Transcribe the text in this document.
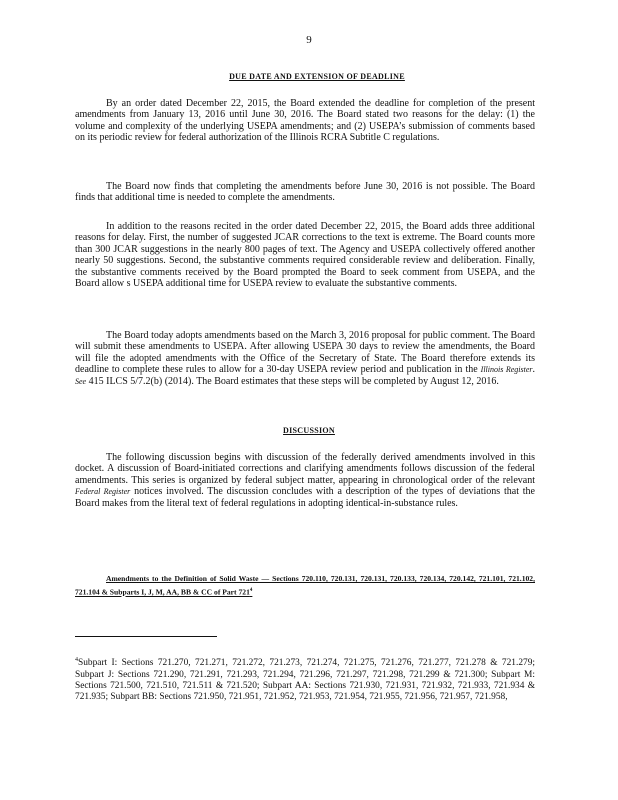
9
DUE DATE AND EXTENSION OF DEADLINE

By an order dated December 22, 2015, the Board extended the deadline for completion of the present amendments from January 13, 2016 until June 30, 2016. The Board stated two reasons for the delay: (1) the volume and complexity of the underlying USEPA amendments; and (2) USEPA’s submission of comments based on its periodic review for federal authorization of the Illinois RCRA Subtitle C regulations.

The Board now finds that completing the amendments before June 30, 2016 is not possible. The Board finds that additional time is needed to complete the amendments.

In addition to the reasons recited in the order dated December 22, 2015, the Board adds three additional reasons for delay. First, the number of suggested JCAR corrections to the text is extreme. The Board counts more than 300 JCAR suggestions in the nearly 800 pages of text. The Agency and USEPA collectively offered another nearly 50 suggestions. Second, the substantive comments required considerable review and deliberation. Finally, the substantive comments received by the Board prompted the Board to seek comment from USEPA, and the Board allow s USEPA additional time for USEPA review to evaluate the substantive comments.

The Board today adopts amendments based on the March 3, 2016 proposal for public comment. The Board will submit these amendments to USEPA. After allowing USEPA 30 days to review the amendments, the Board will file the adopted amendments with the Office of the Secretary of State. The Board therefore extends its deadline to complete these rules to allow for a 30-day USEPA review period and publication in the Illinois Register. See 415 ILCS 5/7.2(b) (2014). The Board estimates that these steps will be completed by August 12, 2016.

DISCUSSION

The following discussion begins with discussion of the federally derived amendments involved in this docket. A discussion of Board-initiated corrections and clarifying amendments follows discussion of the federal amendments. This series is organized by federal subject matter, appearing in chronological order of the relevant Federal Register notices involved. The discussion concludes with a description of the types of deviations that the Board makes from the literal text of federal regulations in adopting identical-in-substance rules.

Amendments to the Definition of Solid Waste — Sections 720.110, 720.131, 720.131, 720.133, 720.134, 720.142, 721.101, 721.102, 721.104 & Subparts I, J, M, AA, BB & CC of Part $721^4$

$^4$Subpart I: Sections 721.270, 721.271, 721.272, 721.273, 721.274, 721.275, 721.276, 721.277, 721.278 & 721.279; Subpart J: Sections 721.290, 721.291, 721.293, 721.294, 721.296, 721.297, 721.298, 721.299 & 721.300; Subpart M: Sections 721.500, 721.510, 721.511 & 721.520; Subpart AA: Sections 721.930, 721.931, 721.932, 721.933, 721.934 & 721.935; Subpart BB: Sections 721.950, 721.951, 721.952, 721.953, 721.954, 721.955, 721.956, 721.957, 721.958,
